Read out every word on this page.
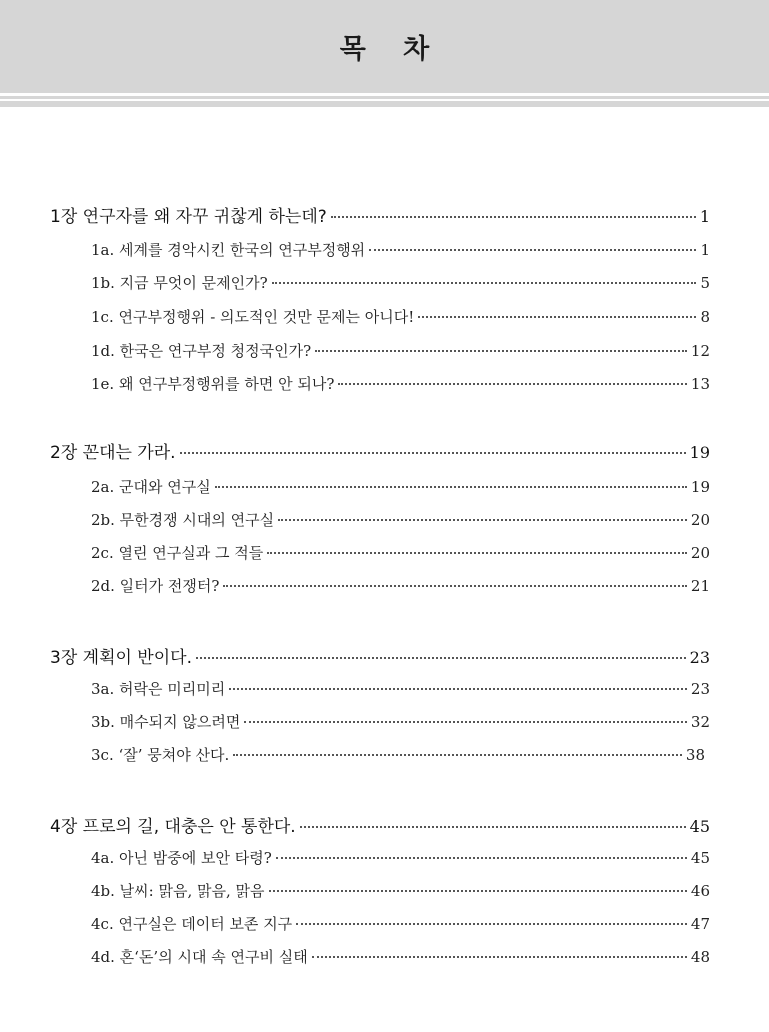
목 차
1장 연구자를 왜 자꾸 귀찮게 하는데?	1
1a. 세계를 경악시킨 한국의 연구부정행위	1
1b. 지금 무엇이 문제인가?	5
1c. 연구부정행위 - 의도적인 것만 문제는 아니다!	8
1d. 한국은 연구부정 청정국인가?	12
1e. 왜 연구부정행위를 하면 안 되나?	13
2장 꼰대는 가라.	19
2a. 군대와 연구실	19
2b. 무한경쟁 시대의 연구실	20
2c. 열린 연구실과 그 적들	20
2d. 일터가 전쟁터?	21
3장 계획이 반이다.	23
3a. 허락은 미리미리	23
3b. 매수되지 않으려면	32
3c. ‘잘’ 뭉쳐야 산다.	38
4장 프로의 길, 대충은 안 통한다.	45
4a. 아닌 밤중에 보안 타령?	45
4b. 날씨: 맑음, 맑음, 맑음	46
4c. 연구실은 데이터 보존 지구	47
4d. 혼‘돈’의 시대 속 연구비 실태	48
